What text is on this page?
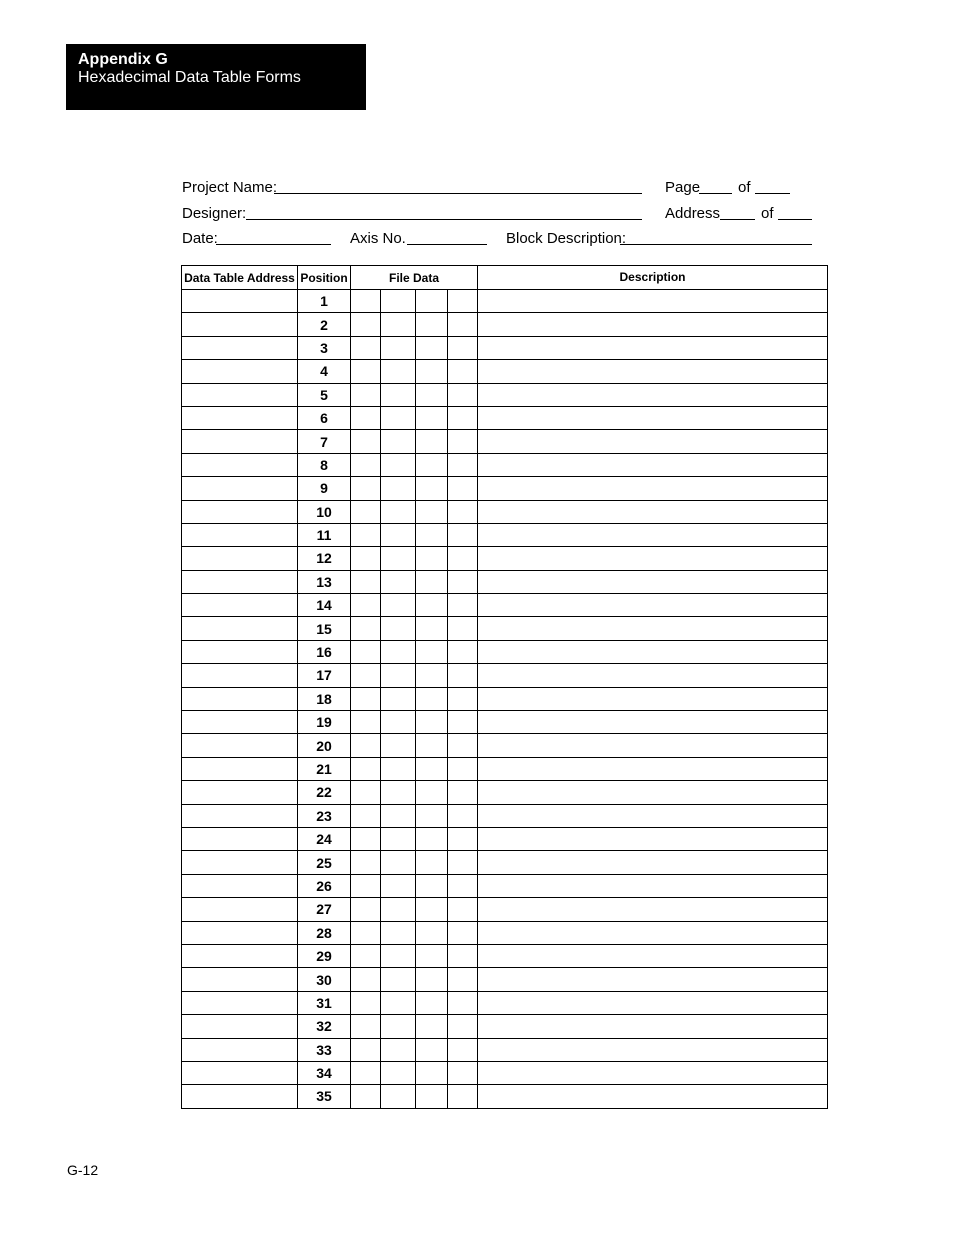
Appendix G
Hexadecimal Data Table Forms
Project Name:	Page	of
Designer:	Address	of
Date:	Axis No.	Block Description:
Data Table Address	Position	File Data				Description
	1					
	2					
	3					
	4					
	5					
	6					
	7					
	8					
	9					
	10					
	11					
	12					
	13					
	14					
	15					
	16					
	17					
	18					
	19					
	20					
	21					
	22					
	23					
	24					
	25					
	26					
	27					
	28					
	29					
	30					
	31					
	32					
	33					
	34					
	35					
G-12
